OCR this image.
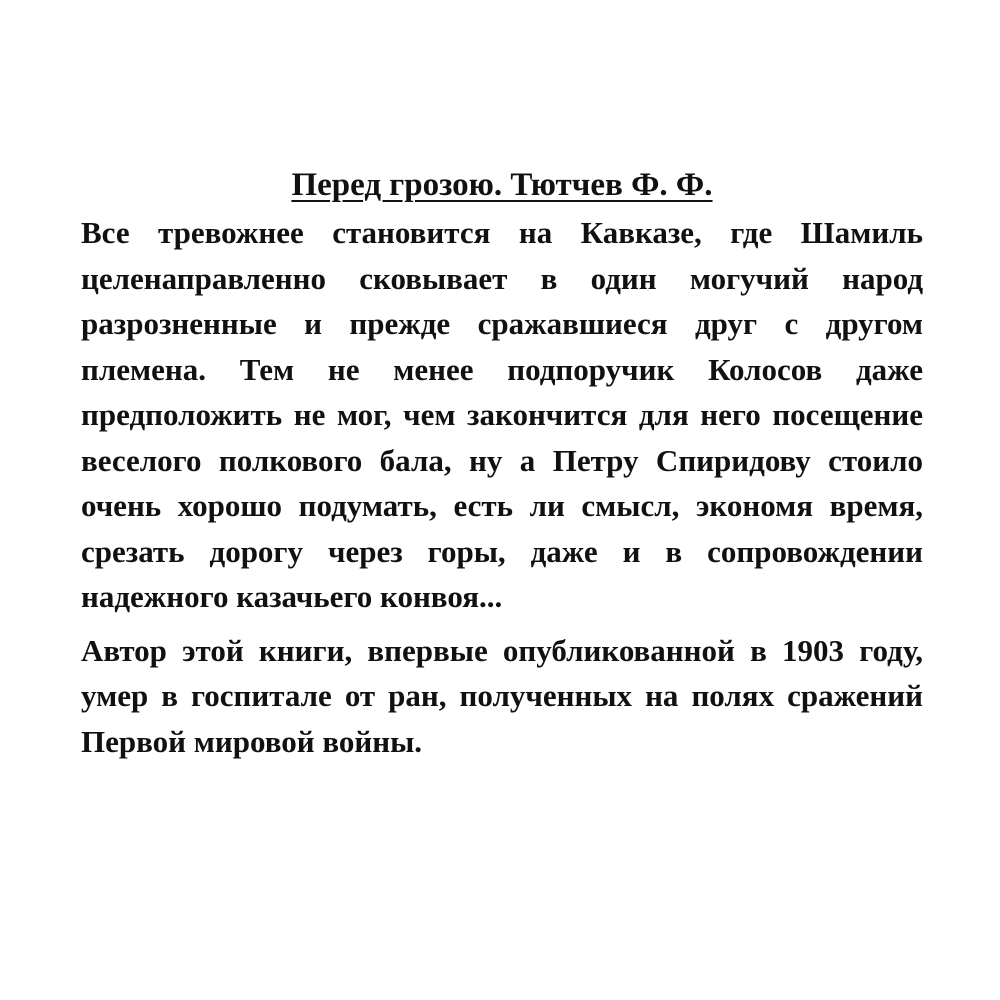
Перед грозою. Тютчев Ф. Ф.

Все тревожнее становится на Кавказе, где Шамиль целенаправленно сковывает в один могучий народ разрозненные и прежде сражавшиеся друг с другом племена. Тем не менее подпоручик Колосов даже предположить не мог, чем закончится для него посещение веселого полкового бала, ну а Петру Спиридову стоило очень хорошо подумать, есть ли смысл, экономя время, срезать дорогу через горы, даже и в сопровождении надежного казачьего конвоя...

Автор этой книги, впервые опубликованной в 1903 году, умер в госпитале от ран, полученных на полях сражений Первой мировой войны.
